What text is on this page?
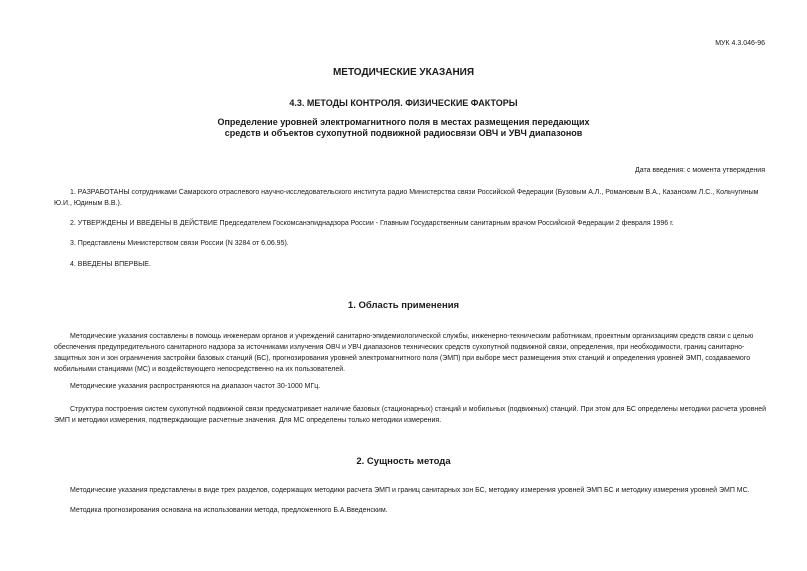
МУК 4.3.046-96
МЕТОДИЧЕСКИЕ УКАЗАНИЯ
4.3. МЕТОДЫ КОНТРОЛЯ. ФИЗИЧЕСКИЕ ФАКТОРЫ
Определение уровней электромагнитного поля в местах размещения передающих
средств и объектов сухопутной подвижной радиосвязи ОВЧ и УВЧ диапазонов
Дата введения: с момента утверждения
1. РАЗРАБОТАНЫ сотрудниками Самарского отраслевого научно-исследовательского института радио Министерства связи Российской Федерации (Бузовым А.Л., Романовым В.А., Казанским Л.С., Кольчугиным
Ю.И., Юдиным В.В.).
2. УТВЕРЖДЕНЫ И ВВЕДЕНЫ В ДЕЙСТВИЕ Председателем Госкомсанэпиднадзора России - Главным Государственным санитарным врачом Российской Федерации 2 февраля 1996 г.
3. Представлены Министерством связи России (N 3284 от 6.06.95).
4. ВВЕДЕНЫ ВПЕРВЫЕ.
1. Область применения
Методические указания составлены в помощь инженерам органов и учреждений санитарно-эпидемиологической службы, инженерно-техническим работникам, проектным организациям средств связи с целью
обеспечения предупредительного санитарного надзора за источниками излучения ОВЧ и УВЧ диапазонов технических средств сухопутной подвижной связи, определения, при необходимости, границ санитарно-
защитных зон и зон ограничения застройки базовых станций (БС), прогнозирования уровней электромагнитного поля (ЭМП) при выборе мест размещения этих станций и определения уровней ЭМП, создаваемого
мобильными станциями (МС) и воздействующего непосредственно на их пользователей.
Методические указания распространяются на диапазон частот 30-1000 МГц.
Структура построения систем сухопутной подвижной связи предусматривает наличие базовых (стационарных) станций и мобильных (подвижных) станций. При этом для БС определены методики расчета уровней
ЭМП и методики измерения, подтверждающие расчетные значения. Для МС определены только методики измерения.
2. Сущность метода
Методические указания представлены в виде трех разделов, содержащих методики расчета ЭМП и границ санитарных зон БС, методику измерения уровней ЭМП БС и методику измерения уровней ЭМП МС.
Методика прогнозирования основана на использовании метода, предложенного Б.А.Введенским.
